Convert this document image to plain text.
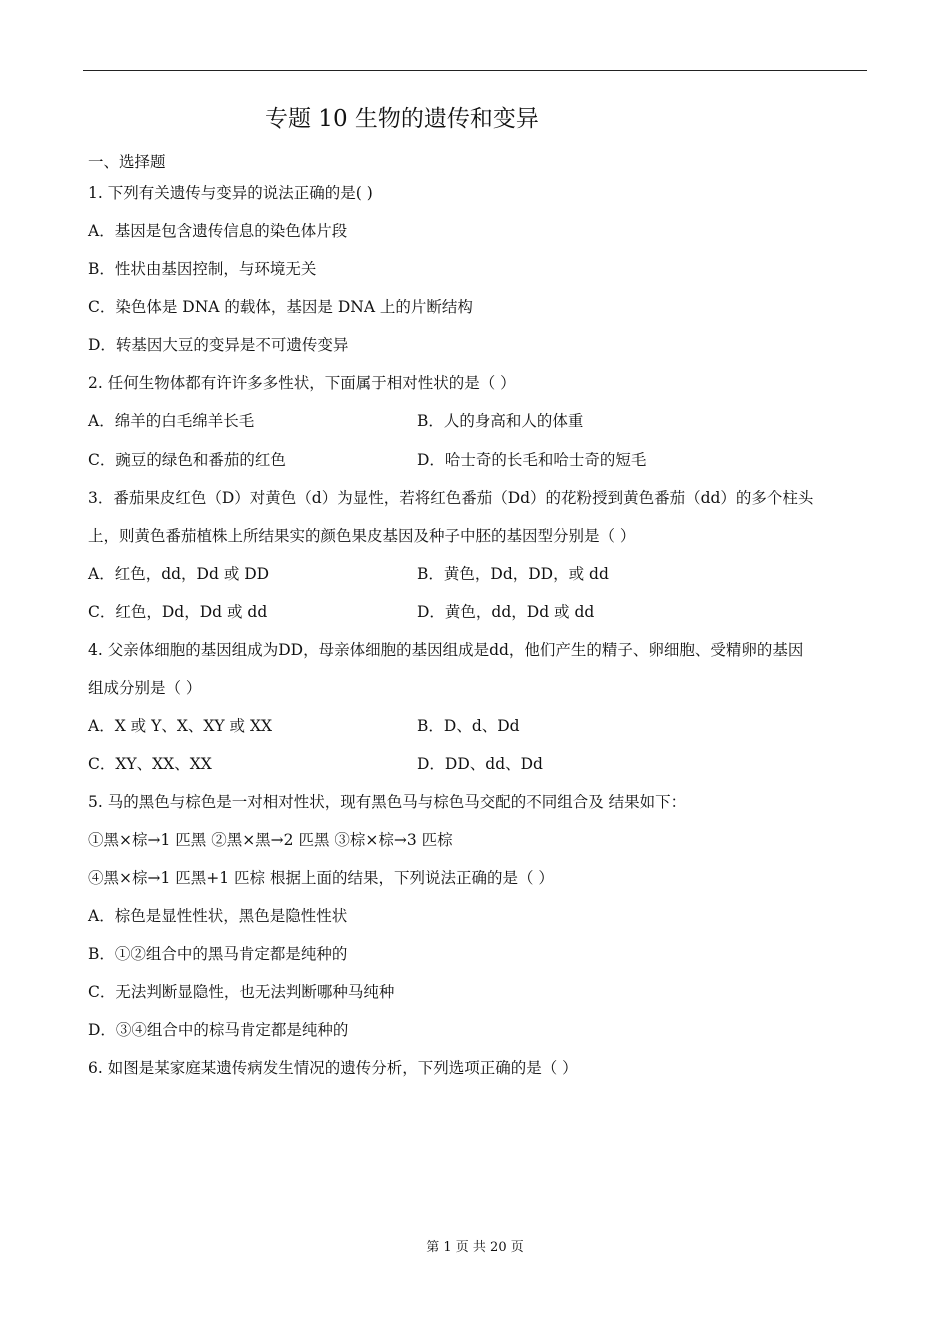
专题 10 生物的遗传和变异
一、选择题
1. 下列有关遗传与变异的说法正确的是( )
A．基因是包含遗传信息的染色体片段
B．性状由基因控制，与环境无关
C．染色体是 DNA 的载体，基因是 DNA 上的片断结构
D．转基因大豆的变异是不可遗传变异
2. 任何生物体都有许许多多性状，下面属于相对性状的是（ ）
A．绵羊的白毛绵羊长毛	B．人的身高和人的体重
C．豌豆的绿色和番茄的红色	D．哈士奇的长毛和哈士奇的短毛
3．番茄果皮红色（D）对黄色（d）为显性，若将红色番茄（Dd）的花粉授到黄色番茄（dd）的多个柱头
上，则黄色番茄植株上所结果实的颜色果皮基因及种子中胚的基因型分别是（ ）
A．红色，dd，Dd 或 DD	B．黄色，Dd，DD，或 dd
C．红色，Dd，Dd 或 dd	D．黄色，dd，Dd 或 dd
4. 父亲体细胞的基因组成为DD，母亲体细胞的基因组成是dd，他们产生的精子、卵细胞、受精卵的基因
组成分别是（ ）
A．X 或 Y、X、XY 或 XX	B．D、d、Dd
C．XY、XX、XX	D．DD、dd、Dd
5. 马的黑色与棕色是一对相对性状，现有黑色马与棕色马交配的不同组合及 结果如下：
①黑×棕→1 匹黑 ②黑×黑→2 匹黑 ③棕×棕→3 匹棕
④黑×棕→1 匹黑+1 匹棕 根据上面的结果，下列说法正确的是（ ）
A．棕色是显性性状，黑色是隐性性状
B．①②组合中的黑马肯定都是纯种的
C．无法判断显隐性，也无法判断哪种马纯种
D．③④组合中的棕马肯定都是纯种的
6. 如图是某家庭某遗传病发生情况的遗传分析，下列选项正确的是（ ）
第 1 页 共 20 页
